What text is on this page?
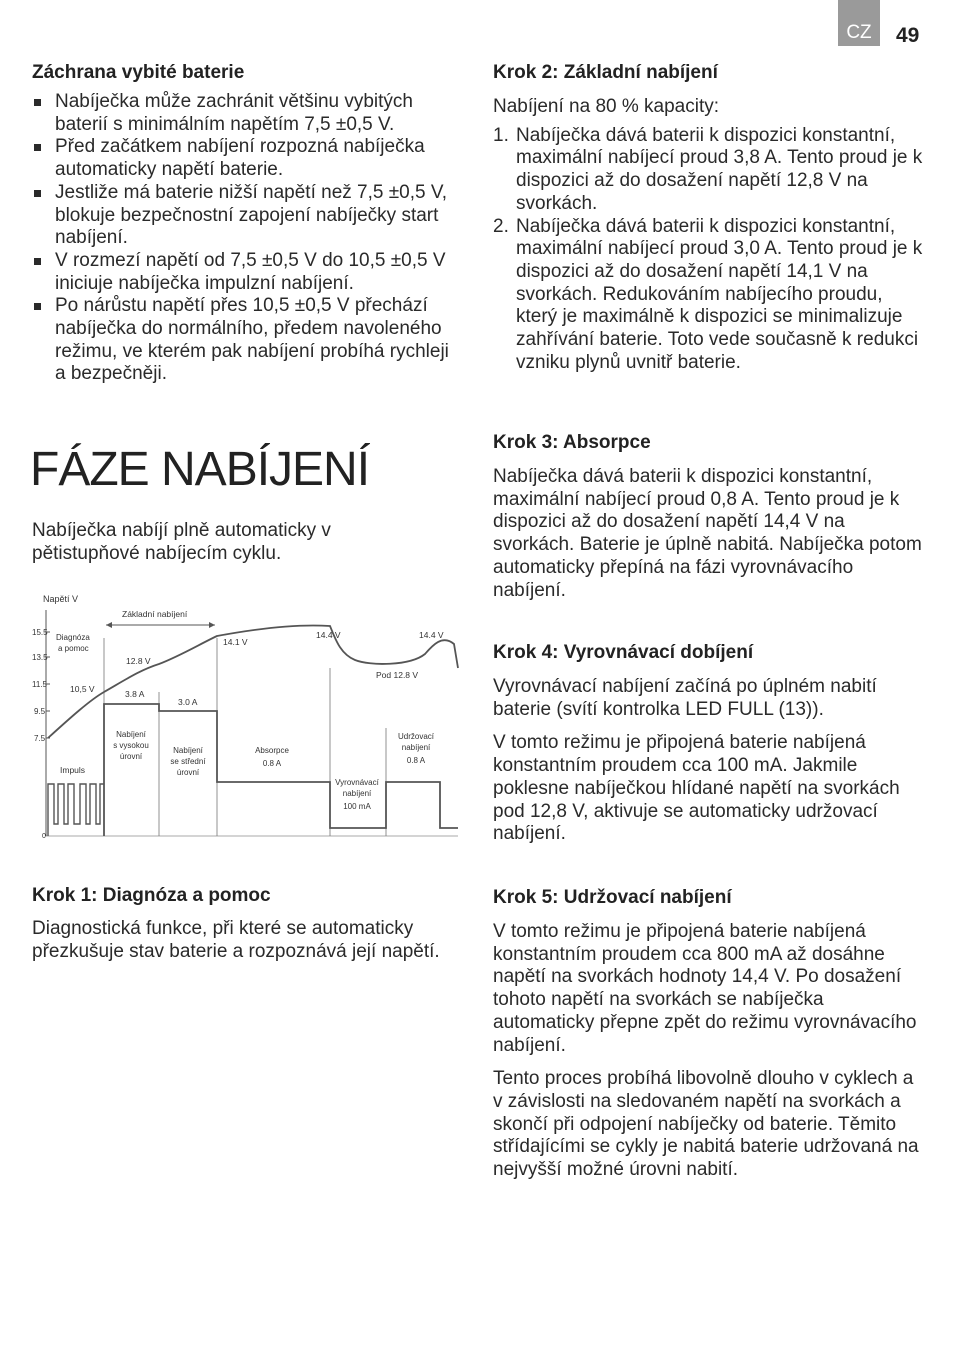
CZ 49
Záchrana vybité baterie
Nabíječka může zachránit většinu vybitých baterií s minimálním napětím 7,5 ±0,5 V.
Před začátkem nabíjení rozpozná nabíječka automaticky napětí baterie.
Jestliže má baterie nižší napětí než 7,5 ±0,5 V, blokuje bezpečnostní zapojení nabíječky start nabíjení.
V rozmezí napětí od 7,5 ±0,5 V do 10,5 ±0,5 V iniciuje nabíječka impulzní nabíjení.
Po nárůstu napětí přes 10,5 ±0,5 V přechází nabíječka do normálního, předem navoleného režimu, ve kterém pak nabíjení probíhá rychleji a bezpečněji.
FÁZE NABÍJENÍ

Nabíječka nabíjí plně automaticky v pětistupňové nabíjecím cyklu.

Napětí V
15.5
13.5
11.5
9.5
7.5
0
Základní nabíjení
Diagnóza
a pomoc
12.8 V
14.1 V
14.4 V	14.4 V
10,5 V
Pod 12.8 V
3.8 A
3.0 A
Impuls
Nabíjení
s vysokou
úrovní
Nabíjení
se střední
úrovní
Absorpce
0.8 A
Vyrovnávací
nabíjení
100 mA
Udržovací
nabíjení
0.8 A
Krok 1: Diagnóza a pomoc

Diagnostická funkce, při které se automaticky přezkušuje stav baterie a rozpoznává její napětí.

Krok 2: Základní nabíjení

Nabíjení na 80 % kapacity:

1. Nabíječka dává baterii k dispozici konstantní, maximální nabíjecí proud 3,8 A. Tento proud je k dispozici až do dosažení napětí 12,8 V na svorkách.
2. Nabíječka dává baterii k dispozici konstantní, maximální nabíjecí proud 3,0 A. Tento proud je k dispozici až do dosažení napětí 14,1 V na svorkách. Redukováním nabíjecího proudu, který je maximálně k dispozici se minimalizuje zahřívání baterie. Toto vede současně k redukci vzniku plynů uvnitř baterie.
Krok 3: Absorpce

Nabíječka dává baterii k dispozici konstantní, maximální nabíjecí proud 0,8 A. Tento proud je k dispozici až do dosažení napětí 14,4 V na svorkách. Baterie je úplně nabitá. Nabíječka potom automaticky přepíná na fázi vyrovnávacího nabíjení.

Krok 4: Vyrovnávací dobíjení

Vyrovnávací nabíjení začíná po úplném nabití baterie (svítí kontrolka LED FULL (13)).

V tomto režimu je připojená baterie nabíjená konstantním proudem cca 100 mA. Jakmile poklesne nabíječkou hlídané napětí na svorkách pod 12,8 V, aktivuje se automaticky udržovací nabíjení.

Krok 5: Udržovací nabíjení

V tomto režimu je připojená baterie nabíjená konstantním proudem cca 800 mA až dosáhne napětí na svorkách hodnoty 14,4 V. Po dosažení tohoto napětí na svorkách se nabíječka automaticky přepne zpět do režimu vyrovnávacího nabíjení.

Tento proces probíhá libovolně dlouho v cyklech a v závislosti na sledovaném napětí na svorkách a skončí při odpojení nabíječky od baterie. Těmito střídajícími se cykly je nabitá baterie udržovaná na nejvyšší možné úrovni nabití.
